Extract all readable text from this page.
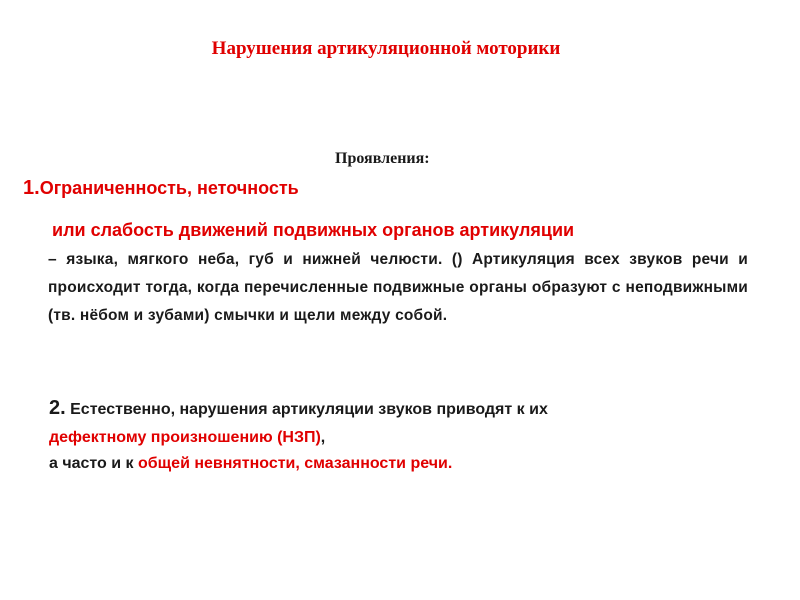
Нарушения артикуляционной моторики
Проявления:
1.Ограниченность, неточность
или слабость движений подвижных органов артикуляции
– языка, мягкого неба, губ и нижней челюсти. () Артикуляция всех звуков речи и происходит тогда, когда перечисленные подвижные органы образуют с неподвижными (тв. нёбом и зубами) смычки и щели между собой.
2. Естественно, нарушения артикуляции звуков приводят к их
дефектному произношению (НЗП),
а часто и к общей невнятности, смазанности речи.
